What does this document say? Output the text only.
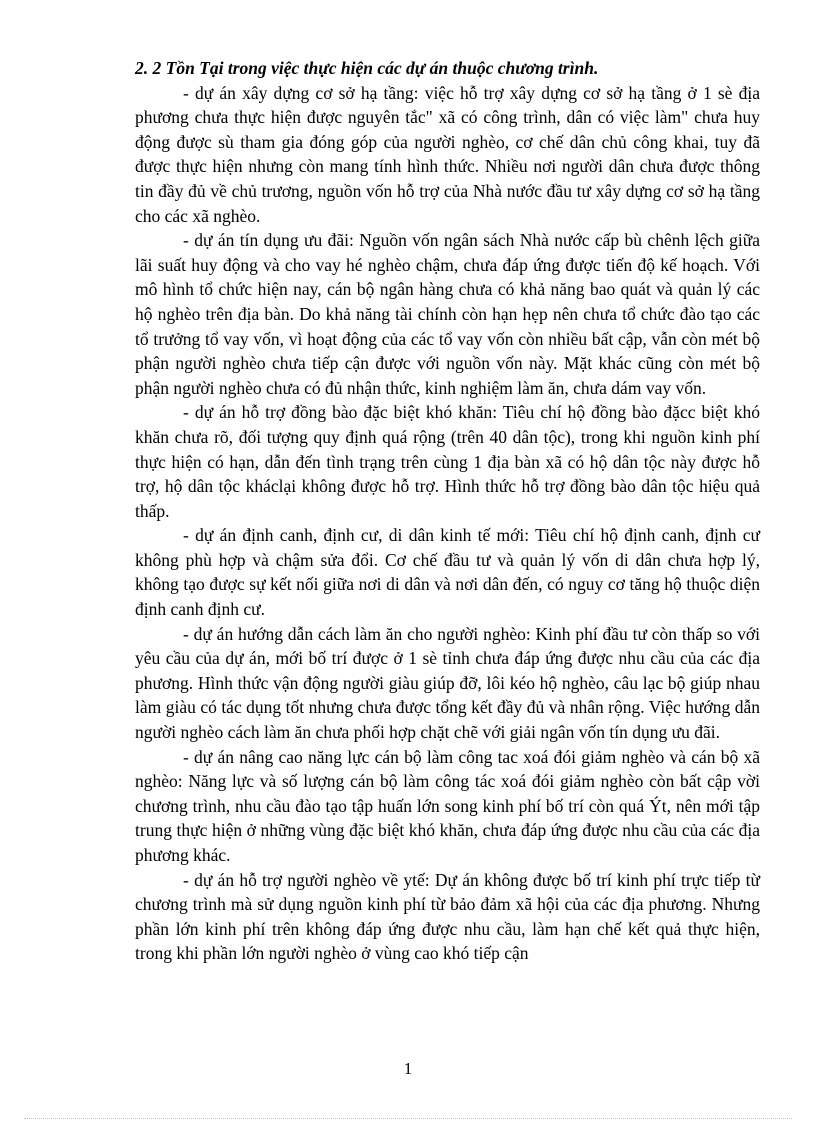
2. 2 Tồn Tại trong việc thực hiện các dự án thuộc chương trình.

- dự án xây dựng cơ sở hạ tầng: việc hỗ trợ xây dựng cơ sở hạ tầng ở 1 sè địa phương chưa thực hiện được nguyên tắc" xã có công trình, dân có việc làm" chưa huy động được sù tham gia đóng góp của người nghèo, cơ chế dân chủ công khai, tuy đã được thực hiện nhưng còn mang tính hình thức. Nhiều nơi người dân chưa được thông tin đầy đủ về chủ trương, nguồn vốn hỗ trợ của Nhà nước đầu tư xây dựng cơ sở hạ tầng cho các xã nghèo.

- dự án tín dụng ưu đãi: Nguồn vốn ngân sách Nhà nước cấp bù chênh lệch giữa lãi suất huy động và cho vay hé nghèo chậm, chưa đáp ứng được tiến độ kế hoạch. Với mô hình tổ chức hiện nay, cán bộ ngân hàng chưa có khả năng bao quát và quản lý các hộ nghèo trên địa bàn. Do khả năng tài chính còn hạn hẹp nên chưa tổ chức đào tạo các tổ trưởng tổ vay vốn, vì hoạt động của các tổ vay vốn còn nhiều bất cập, vẫn còn mét bộ phận người nghèo chưa tiếp cận được với nguồn vốn này. Mặt khác cũng còn mét bộ phận người nghèo chưa có đủ nhận thức, kinh nghiệm làm ăn, chưa dám vay vốn.

- dự án hỗ trợ đồng bào đặc biệt khó khăn: Tiêu chí hộ đồng bào đặcc biệt khó khăn chưa rõ, đối tượng quy định quá rộng (trên 40 dân tộc), trong khi nguồn kinh phí thực hiện có hạn, dẫn đến tình trạng trên cùng 1 địa bàn xã có hộ dân tộc này được hỗ trợ, hộ dân tộc kháclại không được hỗ trợ. Hình thức hỗ trợ đồng bào dân tộc hiệu quả thấp.

- dự án định canh, định cư, di dân kinh tế mới: Tiêu chí hộ định canh, định cư không phù hợp và chậm sửa đổi. Cơ chế đầu tư và quản lý vốn di dân chưa hợp lý, không tạo được sự kết nối giữa nơi di dân và nơi dân đến, có nguy cơ tăng hộ thuộc diện định canh định cư.

- dự án hướng dẫn cách làm ăn cho người nghèo: Kinh phí đầu tư còn thấp so với yêu cầu của dự án, mới bố trí được ở 1 sè tỉnh chưa đáp ứng được nhu cầu của các địa phương. Hình thức vận động người giàu giúp đỡ, lôi kéo hộ nghèo, câu lạc bộ giúp nhau làm giàu có tác dụng tốt nhưng chưa được tổng kết đầy đủ và nhân rộng. Việc hướng dẫn người nghèo cách làm ăn chưa phối hợp chặt chẽ với giải ngân vốn tín dụng ưu đãi.

- dự án nâng cao năng lực cán bộ làm công tac xoá đói giảm nghèo và cán bộ xã nghèo: Năng lực và số lượng cán bộ làm công tác xoá đói giảm nghèo còn bất cập vời chương trình, nhu cầu đào tạo tập huấn lớn song kinh phí bố trí còn quá Ýt, nên mới tập trung thực hiện ở những vùng đặc biệt khó khăn, chưa đáp ứng được nhu cầu của các địa phương khác.

- dự án hỗ trợ người nghèo về ytế: Dự án không được bố trí kinh phí trực tiếp từ chương trình mà sử dụng nguồn kinh phí từ bảo đảm xã hội của các địa phương. Nhưng phần lớn kinh phí trên không đáp ứng được nhu cầu, làm hạn chế kết quả thực hiện, trong khi phần lớn người nghèo ở vùng cao khó tiếp cận

1
